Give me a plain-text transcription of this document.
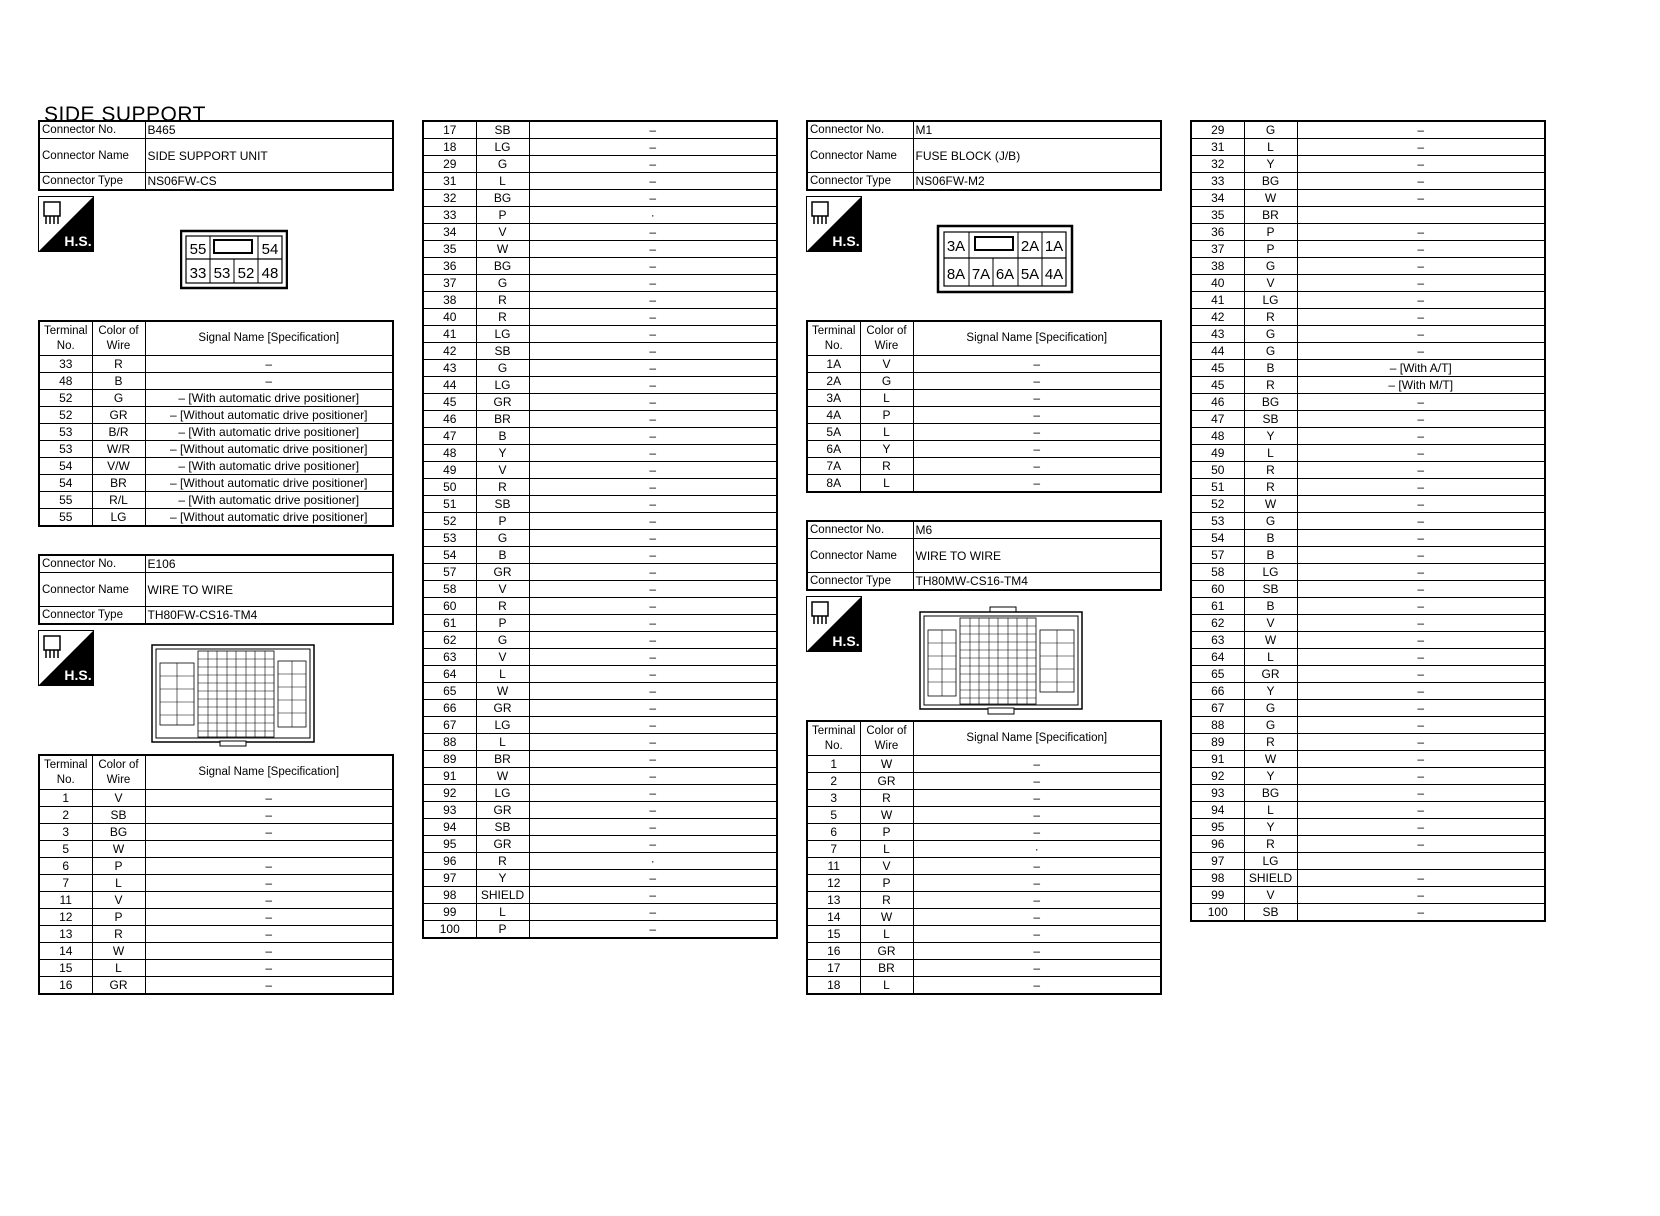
SIDE SUPPORT
Connector No.	B465
Connector Name	SIDE SUPPORT UNIT
Connector Type	NS06FW-CS
H.S.	55	54
33 53 52 48
Terminal No.	Color of Wire	Signal Name [Specification]
33	R	–
48	B	–
52	G	– [With automatic drive positioner]
52	GR	– [Without automatic drive positioner]
53	B/R	– [With automatic drive positioner]
53	W/R	– [Without automatic drive positioner]
54	V/W	– [With automatic drive positioner]
54	BR	– [Without automatic drive positioner]
55	R/L	– [With automatic drive positioner]
55	LG	– [Without automatic drive positioner]
Connector No.	E106
Connector Name	WIRE TO WIRE
Connector Type	TH80FW-CS16-TM4
H.S.
Terminal No.	Color of Wire	Signal Name [Specification]
1	V	–
2	SB	–
3	BG	–
5	W	
6	P	–
7	L	–
11	V	–
12	P	–
13	R	–
14	W	–
15	L	–
16	GR	–
17	SB	–
18	LG	–
29	G	–
31	L	–
32	BG	–
33	P	·
34	V	–
35	W	–
36	BG	–
37	G	–
38	R	–
40	R	–
41	LG	–
42	SB	–
43	G	–
44	LG	–
45	GR	–
46	BR	–
47	B	–
48	Y	–
49	V	–
50	R	–
51	SB	–
52	P	–
53	G	–
54	B	–
57	GR	–
58	V	–
60	R	–
61	P	–
62	G	–
63	V	–
64	L	–
65	W	–
66	GR	–
67	LG	–
88	L	–
89	BR	–
91	W	–
92	LG	–
93	GR	–
94	SB	–
95	GR	–
96	R	·
97	Y	–
98	SHIELD	–
99	L	–
100	P	–
Connector No.	M1
Connector Name	FUSE BLOCK (J/B)
Connector Type	NS06FW-M2
H.S.	3A	2A 1A
8A 7A 6A 5A 4A
Terminal No.	Color of Wire	Signal Name [Specification]
1A	V	–
2A	G	–
3A	L	–
4A	P	–
5A	L	–
6A	Y	–
7A	R	–
8A	L	–
Connector No.	M6
Connector Name	WIRE TO WIRE
Connector Type	TH80MW-CS16-TM4
H.S.
Terminal No.	Color of Wire	Signal Name [Specification]
1	W	–
2	GR	–
3	R	–
5	W	–
6	P	–
7	L	·
11	V	–
12	P	–
13	R	–
14	W	–
15	L	–
16	GR	–
17	BR	–
18	L	–
29	G	–
31	L	–
32	Y	–
33	BG	–
34	W	–
35	BR	
36	P	–
37	P	–
38	G	–
40	V	–
41	LG	–
42	R	–
43	G	–
44	G	–
45	B	– [With A/T]
45	R	– [With M/T]
46	BG	–
47	SB	–
48	Y	–
49	L	–
50	R	–
51	R	–
52	W	–
53	G	–
54	B	–
57	B	–
58	LG	–
60	SB	–
61	B	–
62	V	–
63	W	–
64	L	–
65	GR	–
66	Y	–
67	G	–
88	G	–
89	R	–
91	W	–
92	Y	–
93	BG	–
94	L	–
95	Y	–
96	R	–
97	LG	
98	SHIELD	–
99	V	–
100	SB	–
